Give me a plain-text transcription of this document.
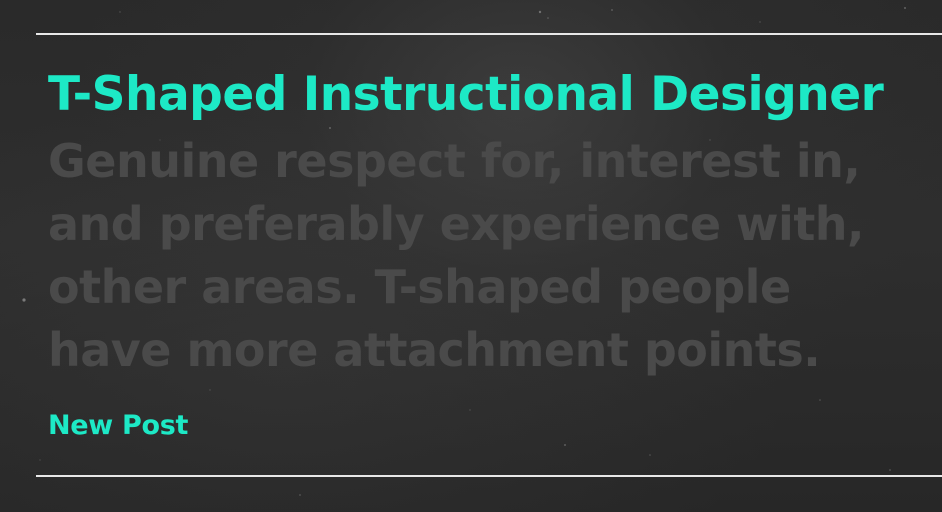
T-Shaped Instructional Designer

Genuine respect for, interest in, and preferably experience with, other areas. T-shaped people have more attachment points.

New Post
